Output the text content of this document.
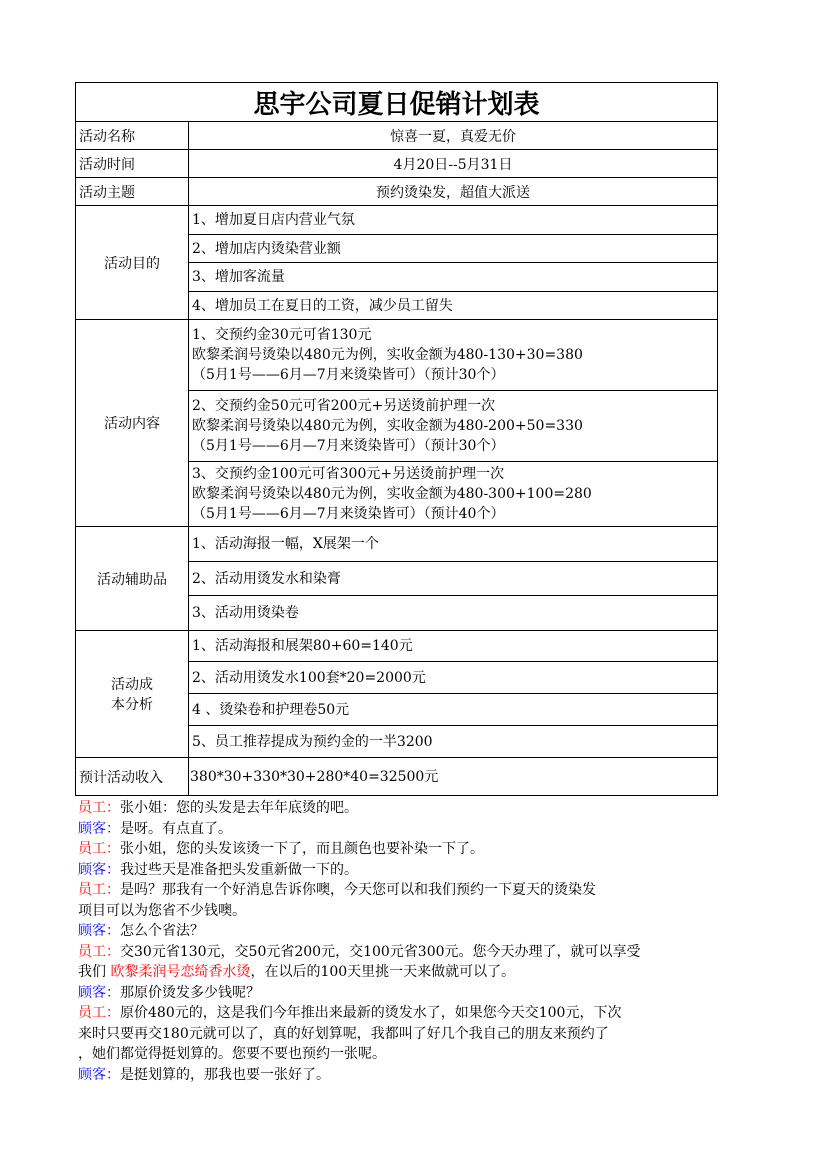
思宇公司夏日促销计划表	
活动名称	惊喜一夏，真爱无价
活动时间	4月20日--5月31日
活动主题	预约烫染发，超值大派送
活动目的	1、增加夏日店内营业气氛
	2、增加店内烫染营业额
	3、增加客流量
	4、增加员工在夏日的工资，减少员工留失
活动内容	1、交预约金30元可省130元
欧黎柔润号烫染以480元为例，实收金额为480-130+30=380
（5月1号——6月—7月来烫染皆可）（预计30个）

	2、交预约金50元可省200元+另送烫前护理一次
欧黎柔润号烫染以480元为例，实收金额为480-200+50=330
（5月1号——6月—7月来烫染皆可）（预计30个）

	3、交预约金100元可省300元+另送烫前护理一次
欧黎柔润号烫染以480元为例，实收金额为480-300+100=280
（5月1号——6月—7月来烫染皆可）（预计40个）

活动辅助品	1、活动海报一幅，X展架一个
	2、活动用烫发水和染膏
	3、活动用烫染卷

活动成
本分析	1、活动海报和展架80+60=140元
	2、活动用烫发水100套*20=2000元
	4 、烫染卷和护理卷50元
	5、员工推荐提成为预约金的一半3200
预计活动收入	380*30+330*30+280*40=32500元
员工：张小姐：您的头发是去年年底烫的吧。
顾客：是呀。有点直了。
员工：张小姐，您的头发该烫一下了，而且颜色也要补染一下了。
顾客：我过些天是准备把头发重新做一下的。
员工：是吗？那我有一个好消息告诉你噢，今天您可以和我们预约一下夏天的烫染发
项目可以为您省不少钱噢。
顾客：怎么个省法？
员工：交30元省130元，交50元省200元，交100元省300元。您今天办理了，就可以享受
我们 欧黎柔润号恋绮香水烫，在以后的100天里挑一天来做就可以了。
顾客：那原价烫发多少钱呢？
员工：原价480元的，这是我们今年推出来最新的烫发水了，如果您今天交100元，下次
来时只要再交180元就可以了，真的好划算呢，我都叫了好几个我自己的朋友来预约了
，她们都觉得挺划算的。您要不要也预约一张呢。
顾客：是挺划算的，那我也要一张好了。
